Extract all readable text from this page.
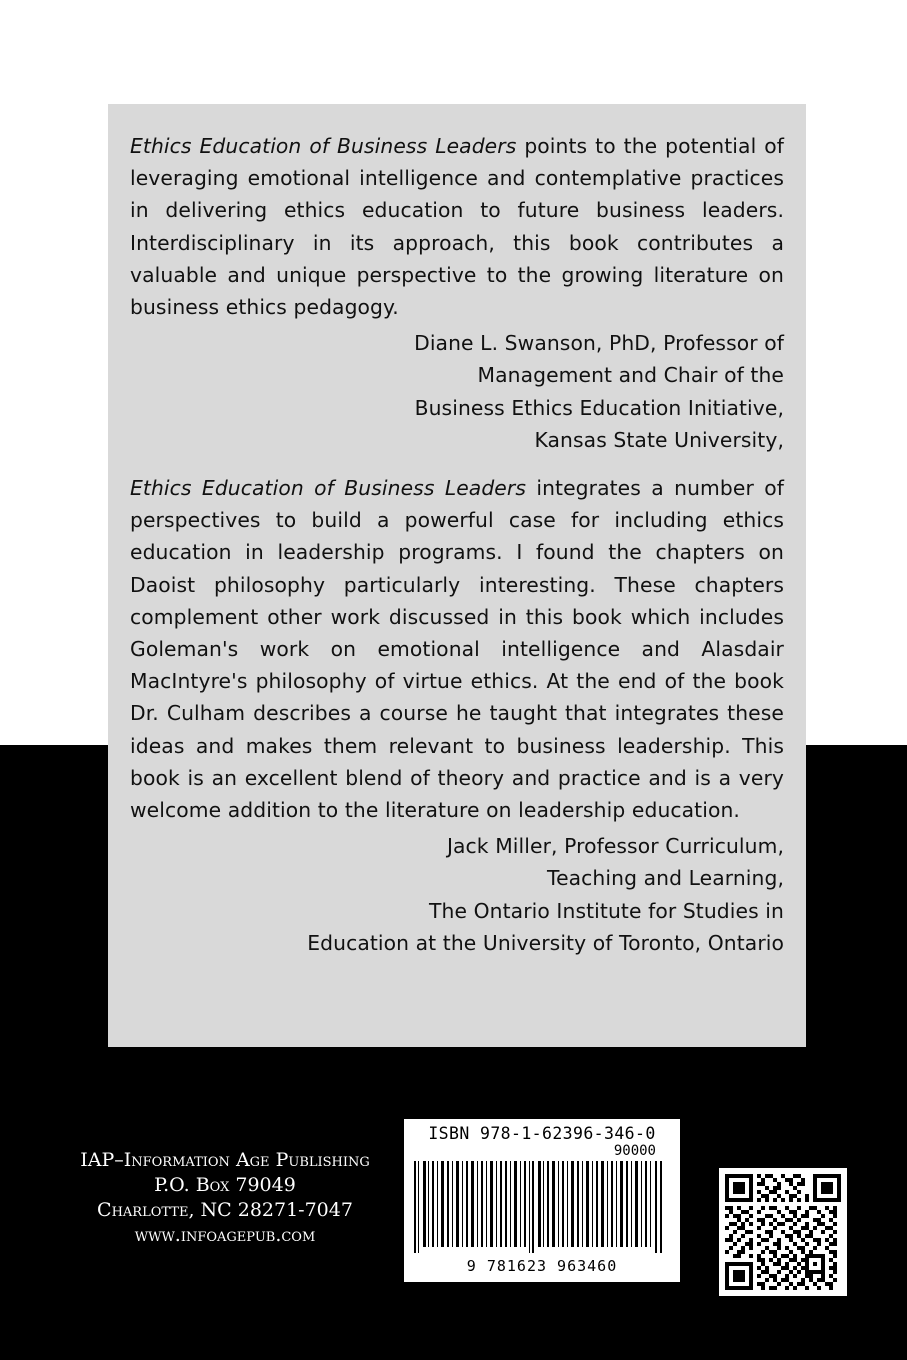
Ethics Education of Business Leaders points to the potential of leveraging emotional intelligence and contemplative practices in delivering ethics education to future business leaders. Interdisciplinary in its approach, this book contributes a valuable and unique perspective to the growing literature on business ethics pedagogy.

Diane L. Swanson, PhD, Professor of
Management and Chair of the
Business Ethics Education Initiative,
Kansas State University,

Ethics Education of Business Leaders integrates a number of perspectives to build a powerful case for including ethics education in leadership programs. I found the chapters on Daoist philosophy particularly interesting. These chapters complement other work discussed in this book which includes Goleman's work on emotional intelligence and Alasdair MacIntyre's philosophy of virtue ethics. At the end of the book Dr. Culham describes a course he taught that integrates these ideas and makes them relevant to business leadership. This book is an excellent blend of theory and practice and is a very welcome addition to the literature on leadership education.

Jack Miller, Professor Curriculum,
Teaching and Learning,
The Ontario Institute for Studies in
Education at the University of Toronto, Ontario

IAP–Information Age Publishing
P.O. Box 79049
Charlotte, NC 28271-7047
www.infoagepub.com
ISBN 978-1-62396-346-0
90000
9 781623 963460
